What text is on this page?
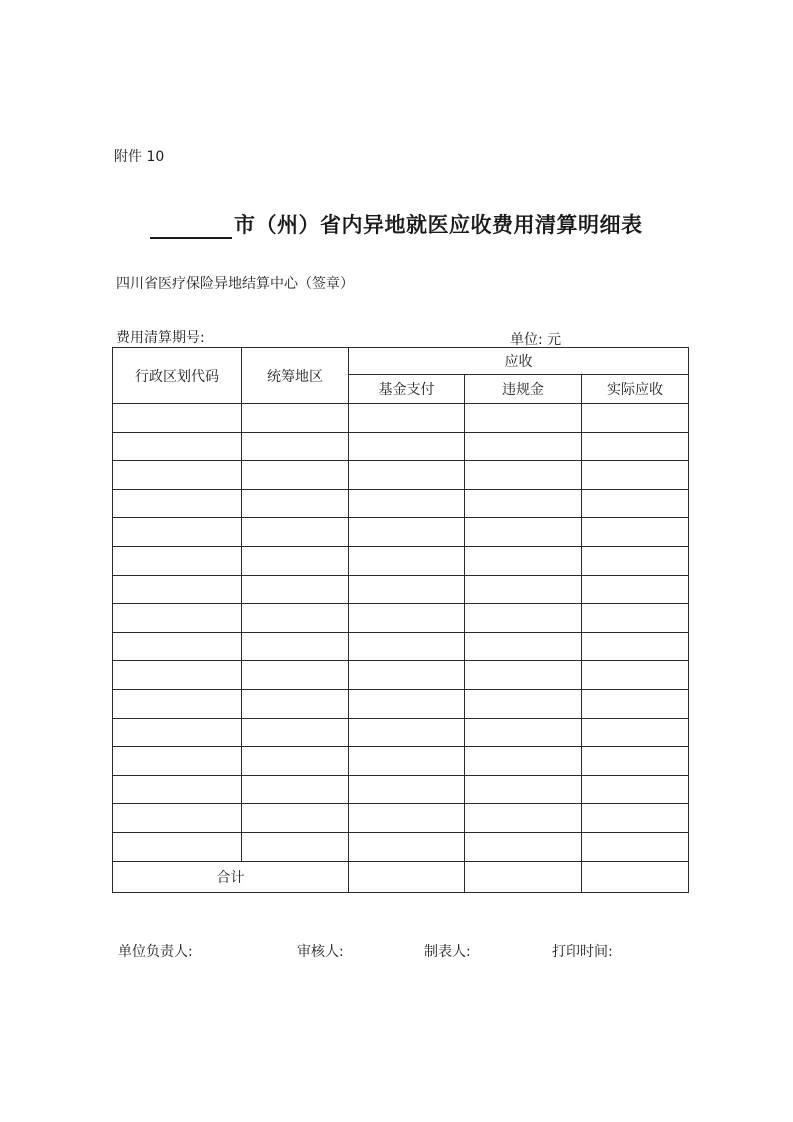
附件 10
市（州）省内异地就医应收费用清算明细表
四川省医疗保险异地结算中心（签章）
费用清算期号:	单位: 元
行政区划代码	统筹地区	应收		
		基金支付	违规金	实际应收

合计				
单位负责人:	审核人:	制表人:	打印时间:
